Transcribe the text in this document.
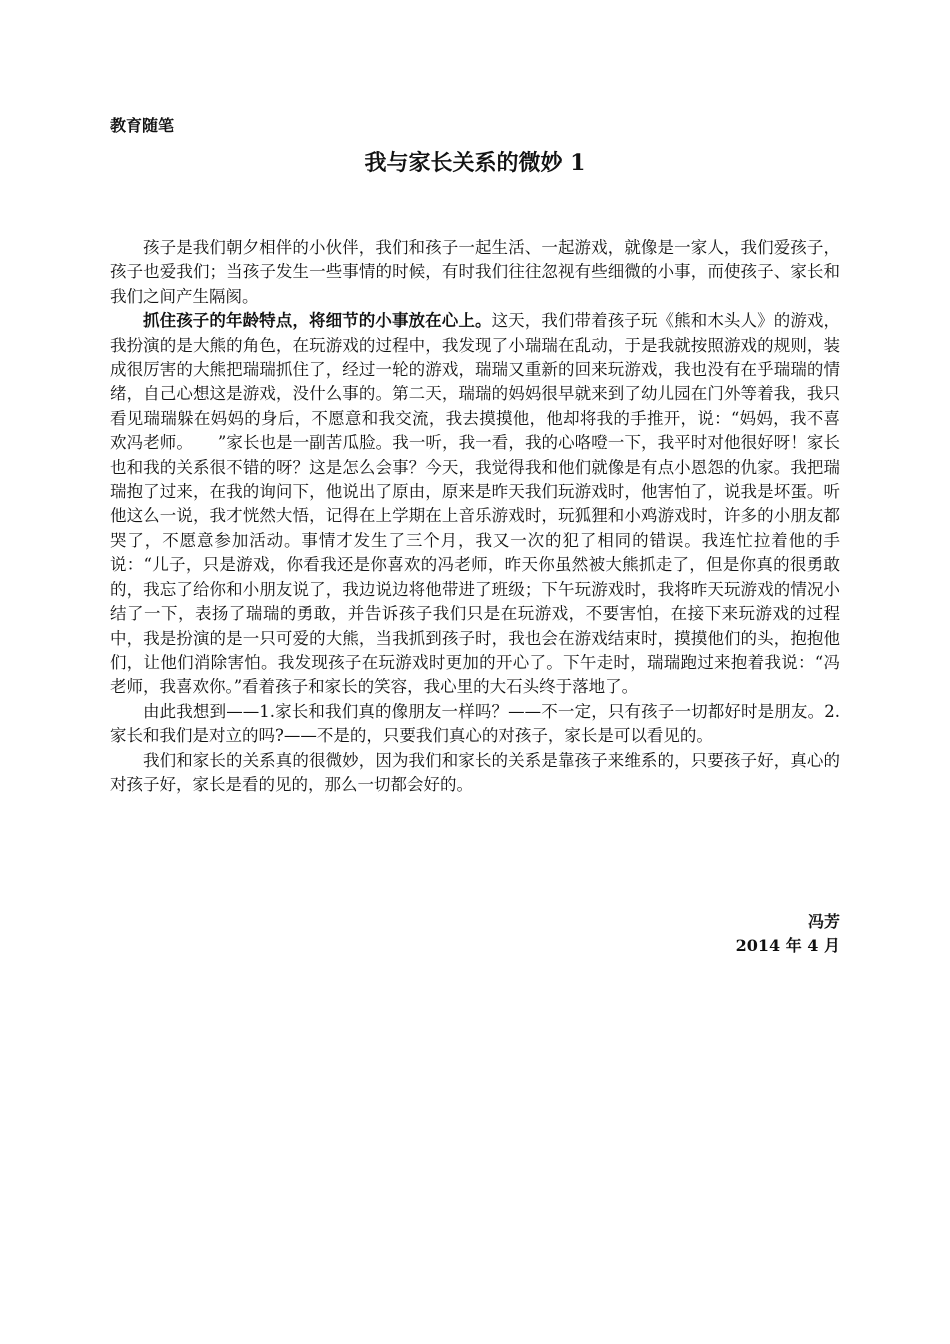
教育随笔
我与家长关系的微妙 1

孩子是我们朝夕相伴的小伙伴，我们和孩子一起生活、一起游戏，就像是一家人，我们爱孩子，孩子也爱我们；当孩子发生一些事情的时候，有时我们往往忽视有些细微的小事，而使孩子、家长和我们之间产生隔阂。

抓住孩子的年龄特点，将细节的小事放在心上。这天，我们带着孩子玩《熊和木头人》的游戏，我扮演的是大熊的角色，在玩游戏的过程中，我发现了小瑞瑞在乱动，于是我就按照游戏的规则，装成很厉害的大熊把瑞瑞抓住了，经过一轮的游戏，瑞瑞又重新的回来玩游戏，我也没有在乎瑞瑞的情绪，自己心想这是游戏，没什么事的。第二天，瑞瑞的妈妈很早就来到了幼儿园在门外等着我，我只看见瑞瑞躲在妈妈的身后，不愿意和我交流，我去摸摸他，他却将我的手推开，说：“妈妈，我不喜欢冯老师。　　”家长也是一副苦瓜脸。我一听，我一看，我的心咯噔一下，我平时对他很好呀！家长也和我的关系很不错的呀？这是怎么会事？今天，我觉得我和他们就像是有点小恩怨的仇家。我把瑞瑞抱了过来，在我的询问下，他说出了原由，原来是昨天我们玩游戏时，他害怕了，说我是坏蛋。听他这么一说，我才恍然大悟，记得在上学期在上音乐游戏时，玩狐狸和小鸡游戏时，许多的小朋友都哭了，不愿意参加活动。事情才发生了三个月，我又一次的犯了相同的错误。我连忙拉着他的手说：“儿子，只是游戏，你看我还是你喜欢的冯老师，昨天你虽然被大熊抓走了，但是你真的很勇敢的，我忘了给你和小朋友说了，我边说边将他带进了班级；下午玩游戏时，我将昨天玩游戏的情况小结了一下，表扬了瑞瑞的勇敢，并告诉孩子我们只是在玩游戏，不要害怕，在接下来玩游戏的过程中，我是扮演的是一只可爱的大熊，当我抓到孩子时，我也会在游戏结束时，摸摸他们的头，抱抱他们，让他们消除害怕。我发现孩子在玩游戏时更加的开心了。下午走时，瑞瑞跑过来抱着我说：“冯老师，我喜欢你。”看着孩子和家长的笑容，我心里的大石头终于落地了。

由此我想到——1.家长和我们真的像朋友一样吗？——不一定，只有孩子一切都好时是朋友。2.家长和我们是对立的吗?——不是的，只要我们真心的对孩子，家长是可以看见的。

我们和家长的关系真的很微妙，因为我们和家长的关系是靠孩子来维系的，只要孩子好，真心的对孩子好，家长是看的见的，那么一切都会好的。

冯芳
2014 年 4 月
